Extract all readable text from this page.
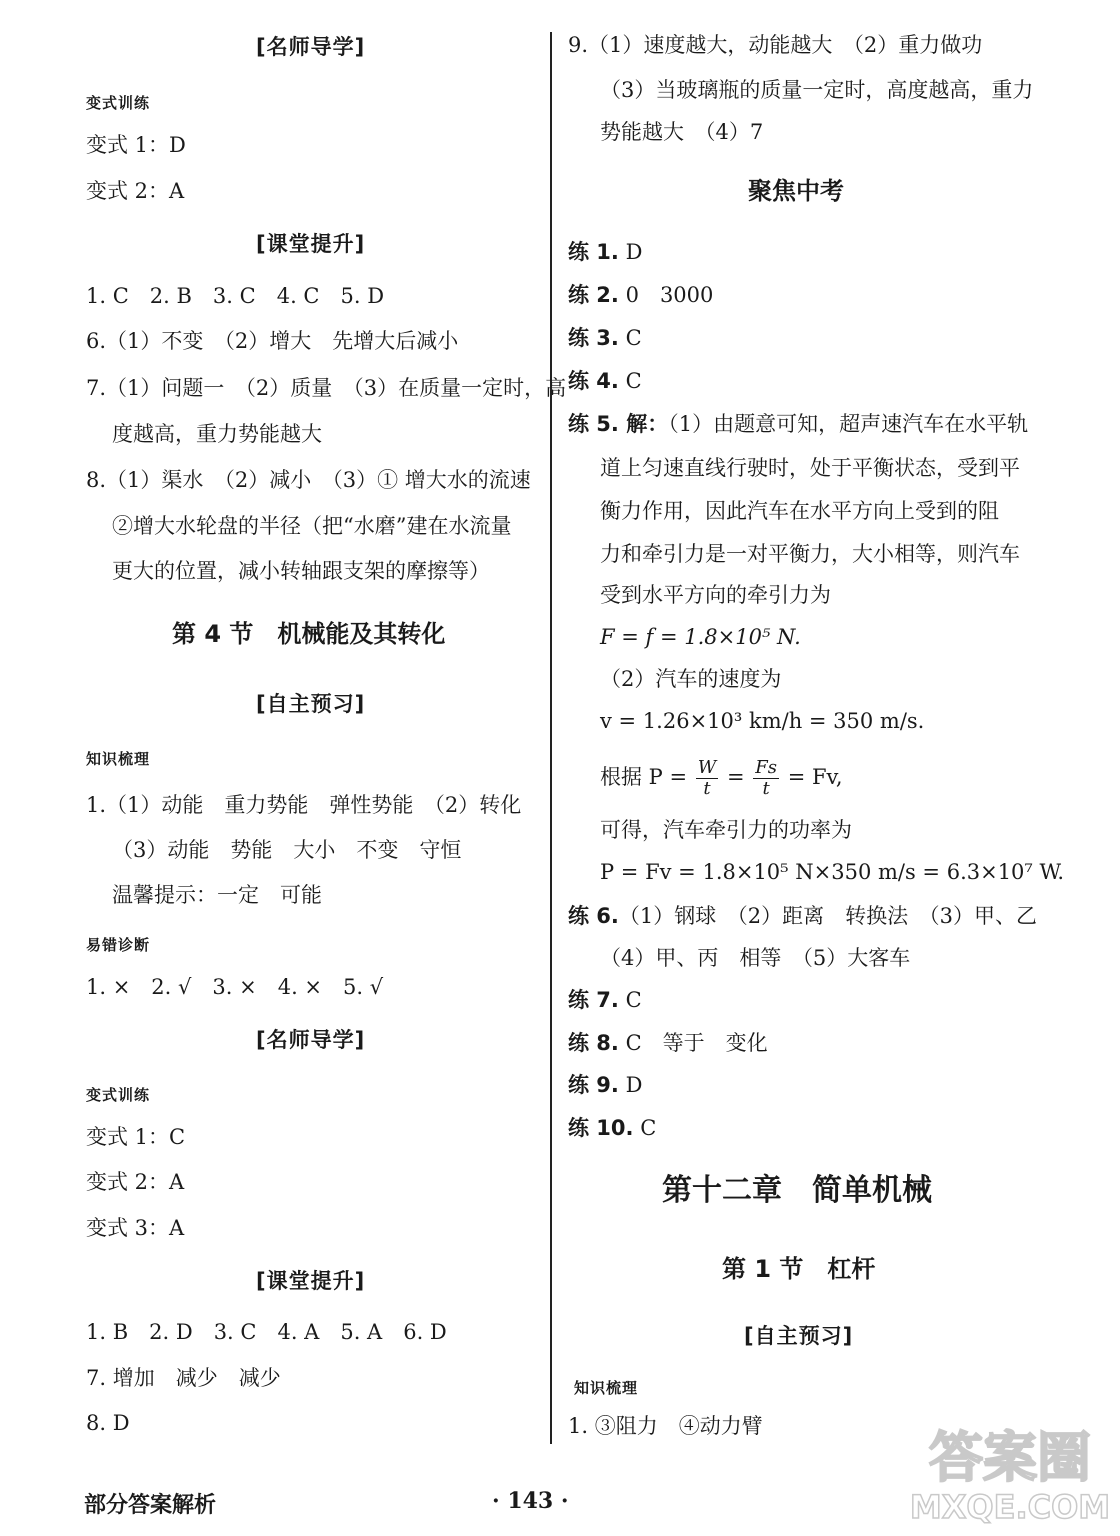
[名师导学]
变式训练
变式 1：D
变式 2：A
[课堂提升]
1. C　2. B　3. C　4. C　5. D
6.（1）不变　（2）增大　先增大后减小
7.（1）问题一　（2）质量　（3）在质量一定时，高
度越高，重力势能越大
8.（1）渠水　（2）减小　（3）① 增大水的流速
②增大水轮盘的半径（把“水磨”建在水流量
更大的位置，减小转轴跟支架的摩擦等）
第 4 节　机械能及其转化
[自主预习]
知识梳理
1.（1）动能　重力势能　弹性势能　（2）转化
（3）动能　势能　大小　不变　守恒
温馨提示：一定　可能
易错诊断
1. ×　2. √　3. ×　4. ×　5. √
[名师导学]
变式训练
变式 1：C
变式 2：A
变式 3：A
[课堂提升]
1. B　2. D　3. C　4. A　5. A　6. D
7. 增加　减少　减少
8. D
9.（1）速度越大，动能越大　（2）重力做功
（3）当玻璃瓶的质量一定时，高度越高，重力
势能越大　（4）7
聚焦中考
练 1. D
练 2. 0　3000
练 3. C
练 4. C
练 5. 解：（1）由题意可知，超声速汽车在水平轨
道上匀速直线行驶时，处于平衡状态，受到平
衡力作用，因此汽车在水平方向上受到的阻
力和牵引力是一对平衡力，大小相等，则汽车
受到水平方向的牵引力为
F = f = 1.8×10⁵ N.
（2）汽车的速度为
v = 1.26×10³ km/h = 350 m/s.
根据 $P = \frac{W}{t} = \frac{Fs}{t} = Fv$,
可得，汽车牵引力的功率为
P = Fv = 1.8×10⁵ N×350 m/s = 6.3×10⁷ W.
练 6.（1）钢球　（2）距离　转换法　（3）甲、乙
（4）甲、丙　相等　（5）大客车
练 7. C
练 8. C　等于　变化
练 9. D
练 10. C
第十二章　简单机械
第 1 节　杠杆
[自主预习]
知识梳理
1. ③阻力　④动力臂
部分答案解析	· 143 ·
答案圈
MXQE.COM
